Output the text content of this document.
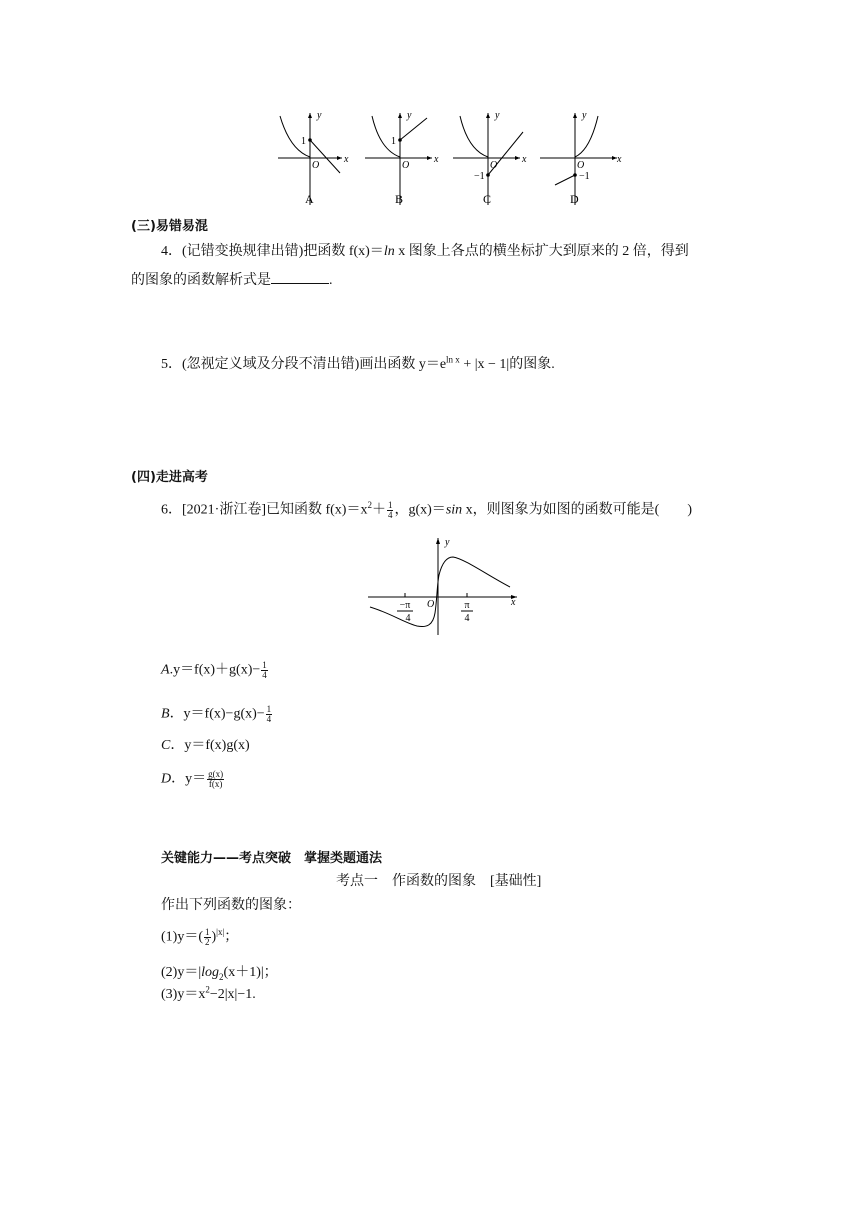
y
x
O
1
A
y
x
O
1
B
y
x
O
−1
C
y
x
O
−1
D
(三)易错易混
4．(记错变换规律出错)把函数 f(x)＝ln x 图象上各点的横坐标扩大到原来的 2 倍，得到
的图象的函数解析式是	.
5．(忽视定义域及分段不清出错)画出函数 $y=e^{ln x} + |x - 1|$的图象.
(四)走进高考
6．[2021·浙江卷]已知函数 $f(x)=x^2+ \frac{1}{4}$ ，g(x)＝sin x，则图象为如图的函数可能是(　　)
y
x
O
−π
4
π
4
$A.y=f(x)+g(x)- \frac{1}{4}$
B．$y=f(x)-g(x)- \frac{1}{4}$
C．y＝f(x)g(x)
D．$y= \frac{g(x)}{f(x)}$
关键能力——考点突破　掌握类题通法
考点一　作函数的图象　[基础性]
作出下列函数的图象：
$(1)y=( \frac{1}{2} )^{|x|}$；
$(2)y=|\log_2(x+1)|$；
$(3)y=x^2-2|x|-1$.
